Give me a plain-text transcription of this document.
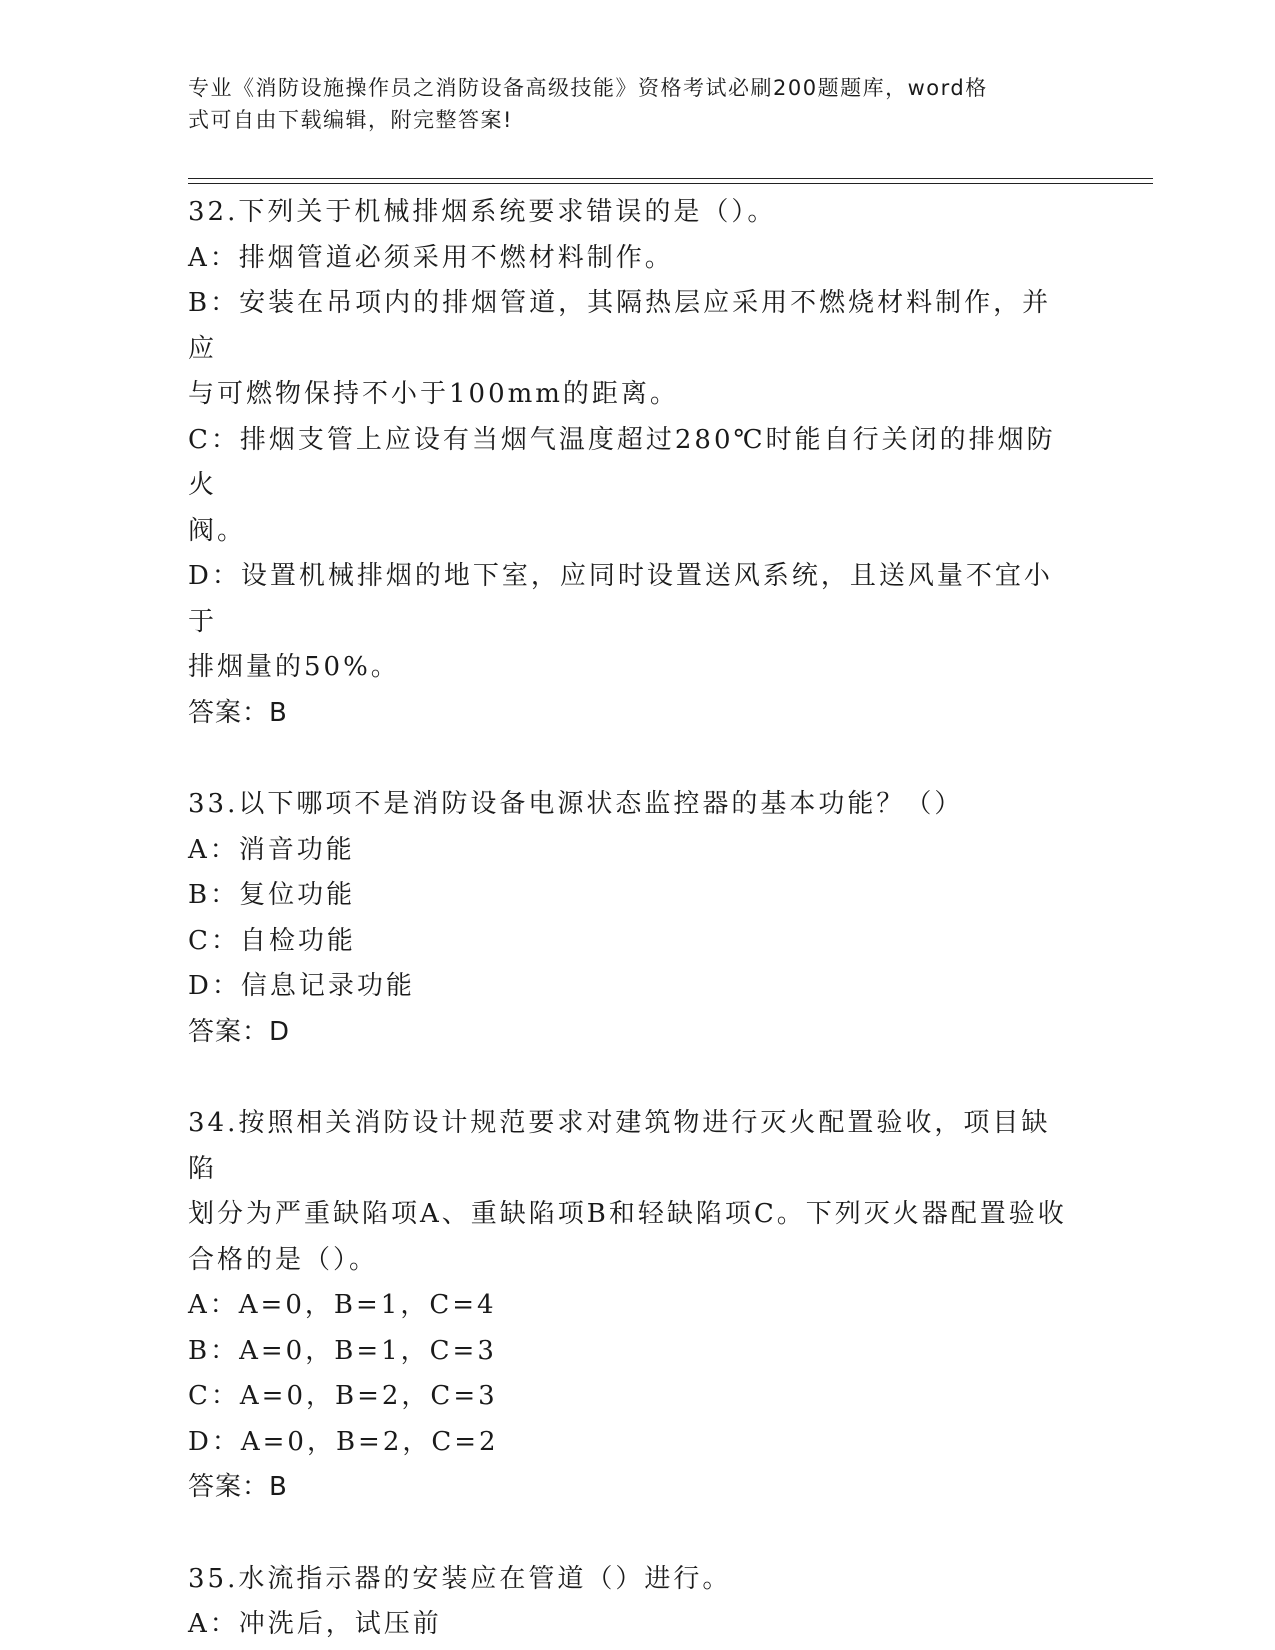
专业《消防设施操作员之消防设备高级技能》资格考试必刷200题题库，word格
式可自由下载编辑，附完整答案!
32.下列关于机械排烟系统要求错误的是（）。
A：排烟管道必须采用不燃材料制作。
B：安装在吊项内的排烟管道，其隔热层应采用不燃烧材料制作，并应
与可燃物保持不小于100mm的距离。
C：排烟支管上应设有当烟气温度超过280℃时能自行关闭的排烟防火
阀。
D：设置机械排烟的地下室，应同时设置送风系统，且送风量不宜小于
排烟量的50%。
答案：B
33.以下哪项不是消防设备电源状态监控器的基本功能？（）
A：消音功能
B：复位功能
C：自检功能
D：信息记录功能
答案：D
34.按照相关消防设计规范要求对建筑物进行灭火配置验收，项目缺陷
划分为严重缺陷项A、重缺陷项B和轻缺陷项C。下列灭火器配置验收
合格的是（）。
A：A=0，B=1，C=4
B：A=0，B=1，C=3
C：A=0，B=2，C=3
D：A=0，B=2，C=2
答案：B
35.水流指示器的安装应在管道（）进行。
A：冲洗后，试压前
